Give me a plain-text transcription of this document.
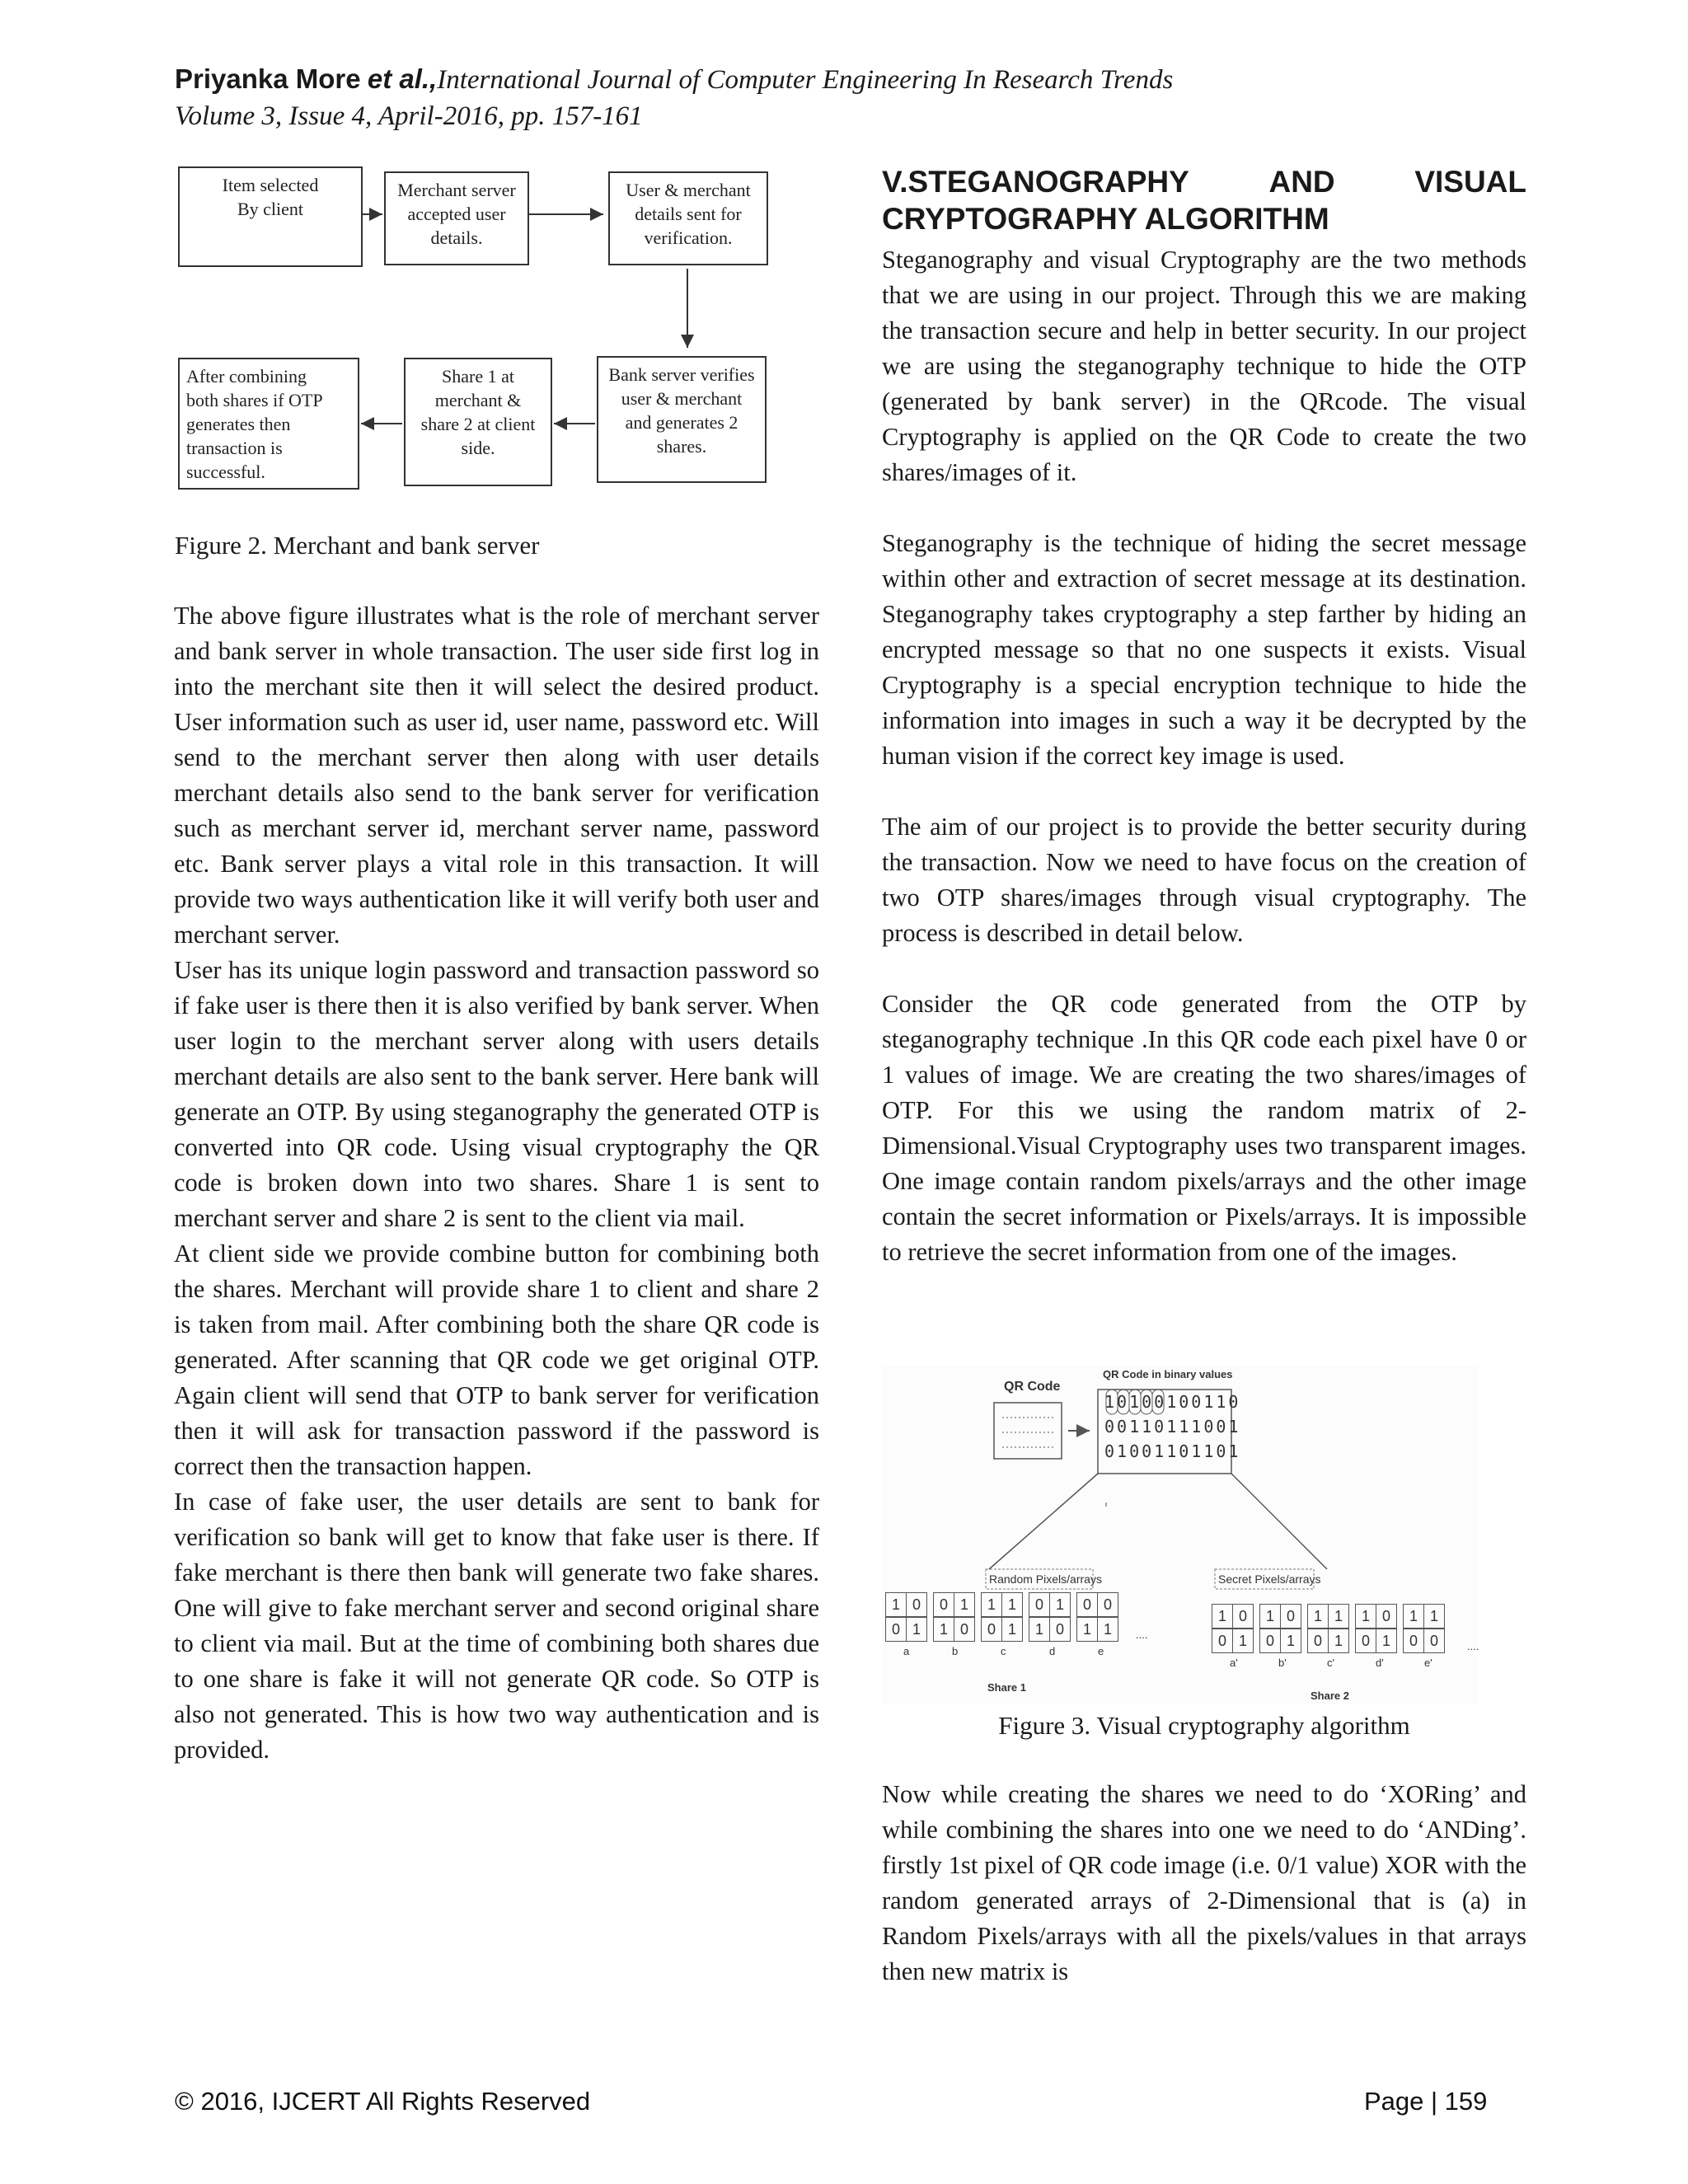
Priyanka More et al.,International Journal of Computer Engineering In Research Trends
Volume 3, Issue 4, April-2016, pp. 157-161
Item selected
By client
Merchant server
accepted user
details.
User & merchant
details sent for
verification.
Bank server verifies
user & merchant
and generates 2
shares.
Share 1 at
merchant &
share 2 at client
side.
After combining
both shares if OTP
generates then
transaction is
successful.
Figure 2. Merchant and bank server

The above figure illustrates what is the role of merchant server and bank server in whole transaction. The user side first log in into the merchant site then it will select the desired product. User information such as user id, user name, password etc. Will send to the merchant server then along with user details merchant details also send to the bank server for verification such as merchant server id, merchant server name, password etc. Bank server plays a vital role in this transaction. It will provide two ways authentication like it will verify both user and merchant server.

User has its unique login password and transaction password so if fake user is there then it is also verified by bank server. When user login to the merchant server along with users details merchant details are also sent to the bank server. Here bank will generate an OTP. By using steganography the generated OTP is converted into QR code. Using visual cryptography the QR code is broken down into two shares. Share 1 is sent to merchant server and share 2 is sent to the client via mail.

At client side we provide combine button for combining both the shares. Merchant will provide share 1 to client and share 2 is taken from mail. After combining both the share QR code is generated. After scanning that QR code we get original OTP. Again client will send that OTP to bank server for verification then it will ask for transaction password if the password is correct then the transaction happen.

In case of fake user, the user details are sent to bank for verification so bank will get to know that fake user is there. If fake merchant is there then bank will generate two fake shares. One will give to fake merchant server and second original share to client via mail. But at the time of combining both shares due to one share is fake it will not generate QR code. So OTP is also not generated. This is how two way authentication and is provided.

V.STEGANOGRAPHY	AND	VISUAL
CRYPTOGRAPHY ALGORITHM

Steganography and visual Cryptography are the two methods that we are using in our project. Through this we are making the transaction secure and help in better security. In our project we are using the steganography technique to hide the OTP (generated by bank server) in the QRcode. The visual Cryptography is applied on the QR Code to create the two shares/images of it.

Steganography is the technique of hiding the secret message within other and extraction of secret message at its destination. Steganography takes cryptography a step farther by hiding an encrypted message so that no one suspects it exists. Visual Cryptography is a special encryption technique to hide the information into images in such a way it be decrypted by the human vision if the correct key image is used.

The aim of our project is to provide the better security during the transaction. Now we need to have focus on the creation of two OTP shares/images through visual cryptography. The process is described in detail below.

Consider the QR code generated from the OTP by steganography technique .In this QR code each pixel have 0 or 1 values of image. We are creating the two shares/images of OTP. For this we using the random matrix of 2-Dimensional.Visual Cryptography uses two transparent images. One image contain random pixels/arrays and the other image contain the secret information or Pixels/arrays. It is impossible to retrieve the secret information from one of the images.

QR Code
QR Code in binary values
10100100110
00110111001
01001101101
Random Pixels/arrays	Secret Pixels/arrays
1 0	0 1	1 1	0 1	0 0
0 1	1 0	0 1	1 0	1 1
a	b	c	d	e
1 0	1 0	1 1	1 0	1 1
0 1	0 1	0 1	0 1	0 0
a'	b'	c'	d'	e'
....
....
Share 1
Share 2
Figure 3. Visual cryptography algorithm

Now while creating the shares we need to do ‘XORing’ and while combining the shares into one we need to do ‘ANDing’. firstly 1st pixel of QR code image (i.e. 0/1 value) XOR with the random generated arrays of 2-Dimensional that is (a) in Random Pixels/arrays with all the pixels/values in that arrays then new matrix is

© 2016, IJCERT All Rights Reserved	Page | 159
